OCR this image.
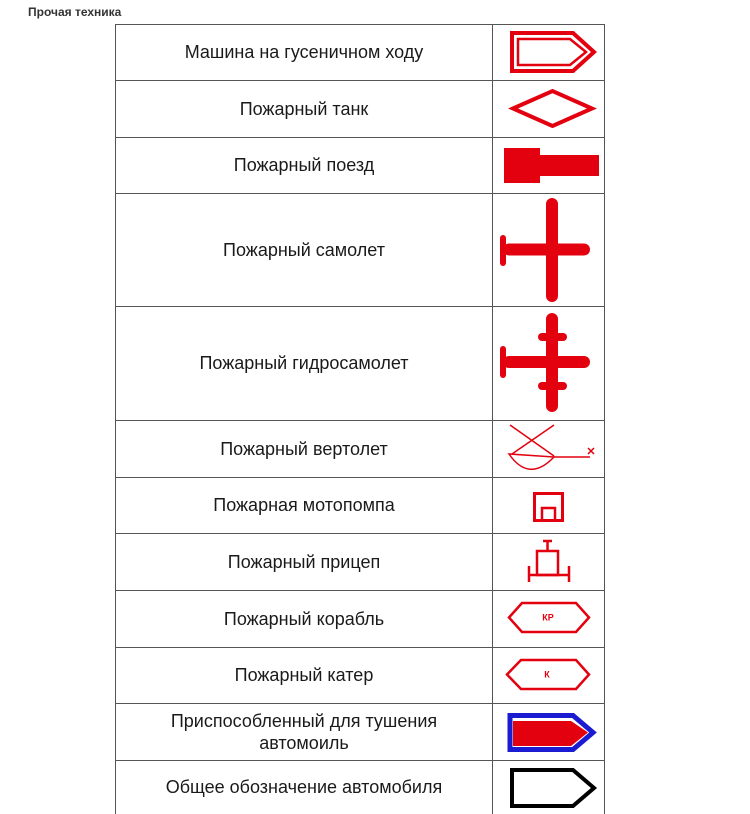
Прочая техника
Машина на гусеничном ходу
Пожарный танк
Пожарный поезд
Пожарный самолет
Пожарный гидросамолет
Пожарный вертолет
Пожарная мотопомпа
Пожарный прицеп
Пожарный корабль	КР
Пожарный катер	К
Приспособленный для тушения
автомоиль
Общее обозначение автомобиля
